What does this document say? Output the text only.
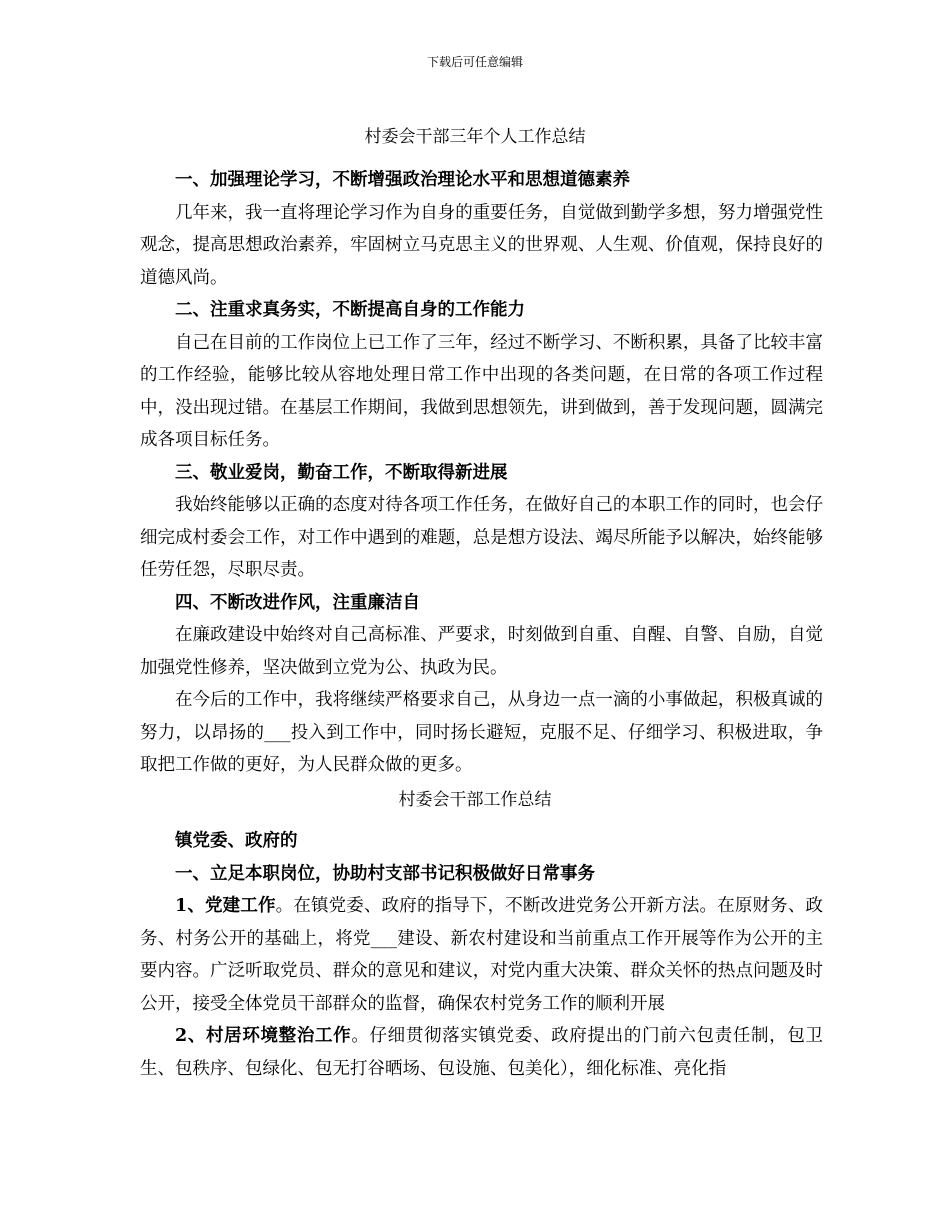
下载后可任意编辑
村委会干部三年个人工作总结

一、加强理论学习，不断增强政治理论水平和思想道德素养

几年来，我一直将理论学习作为自身的重要任务，自觉做到勤学多想，努力增强党性观念，提高思想政治素养，牢固树立马克思主义的世界观、人生观、价值观，保持良好的道德风尚。

二、注重求真务实，不断提高自身的工作能力

自己在目前的工作岗位上已工作了三年，经过不断学习、不断积累，具备了比较丰富的工作经验，能够比较从容地处理日常工作中出现的各类问题，在日常的各项工作过程中，没出现过错。在基层工作期间，我做到思想领先，讲到做到，善于发现问题，圆满完成各项目标任务。

三、敬业爱岗，勤奋工作，不断取得新进展

我始终能够以正确的态度对待各项工作任务，在做好自己的本职工作的同时，也会仔细完成村委会工作，对工作中遇到的难题，总是想方设法、竭尽所能予以解决，始终能够任劳任怨，尽职尽责。

四、不断改进作风，注重廉洁自

在廉政建设中始终对自己高标准、严要求，时刻做到自重、自醒、自警、自励，自觉加强党性修养，坚决做到立党为公、执政为民。

在今后的工作中，我将继续严格要求自己，从身边一点一滴的小事做起，积极真诚的努力，以昂扬的___投入到工作中，同时扬长避短，克服不足、仔细学习、积极进取，争取把工作做的更好，为人民群众做的更多。

村委会干部工作总结

镇党委、政府的

一、立足本职岗位，协助村支部书记积极做好日常事务

1、党建工作。在镇党委、政府的指导下，不断改进党务公开新方法。在原财务、政务、村务公开的基础上，将党___建设、新农村建设和当前重点工作开展等作为公开的主要内容。广泛听取党员、群众的意见和建议，对党内重大决策、群众关怀的热点问题及时公开，接受全体党员干部群众的监督，确保农村党务工作的顺利开展

2、村居环境整治工作。仔细贯彻落实镇党委、政府提出的门前六包责任制，包卫生、包秩序、包绿化、包无打谷晒场、包设施、包美化），细化标准、亮化指
